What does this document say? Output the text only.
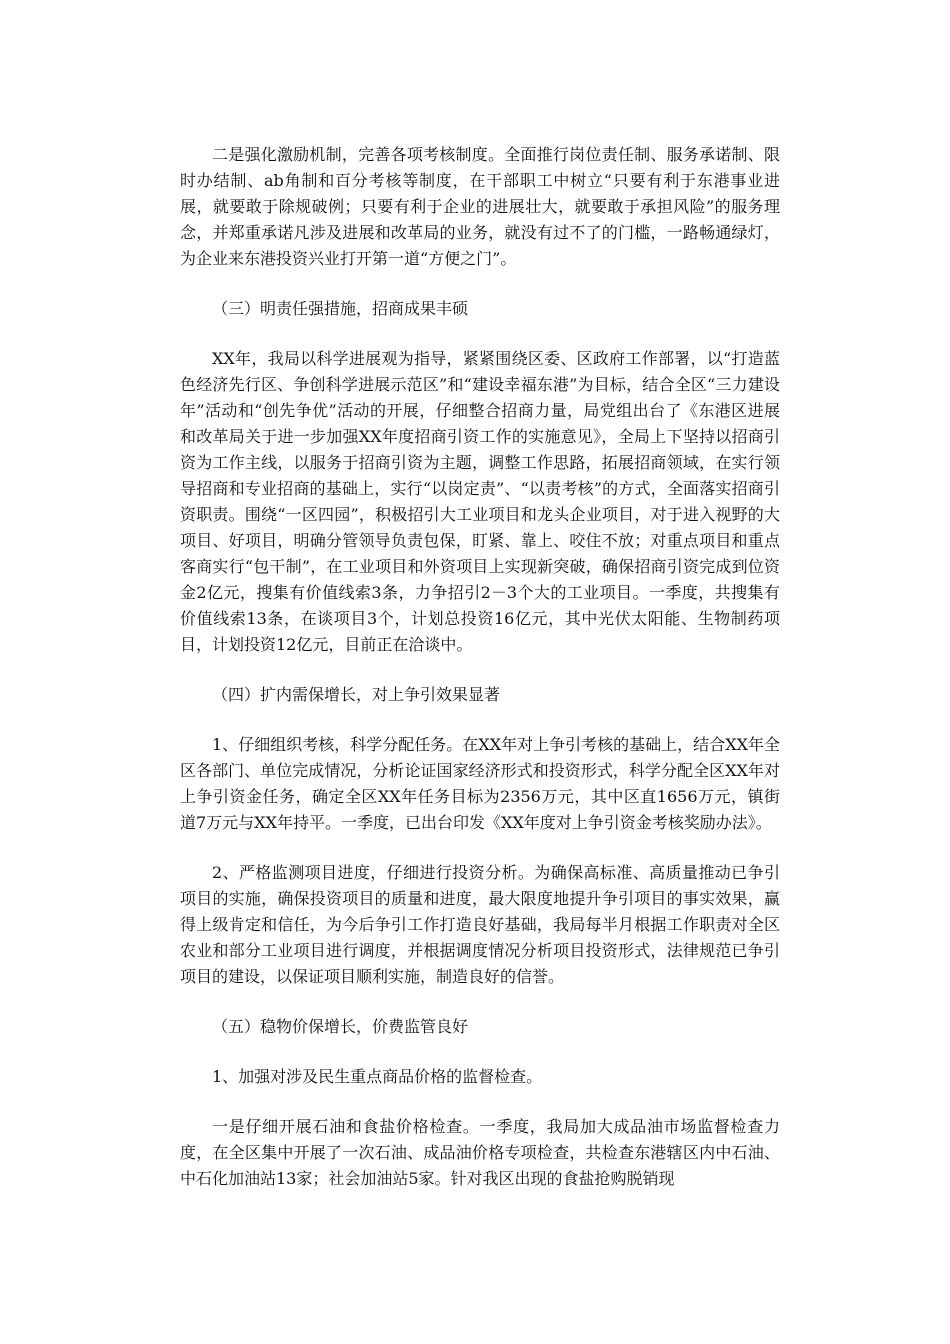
二是强化激励机制，完善各项考核制度。全面推行岗位责任制、服务承诺制、限时办结制、ab角制和百分考核等制度，在干部职工中树立“只要有利于东港事业进展，就要敢于除规破例；只要有利于企业的进展壮大，就要敢于承担风险”的服务理念，并郑重承诺凡涉及进展和改革局的业务，就没有过不了的门槛，一路畅通绿灯，为企业来东港投资兴业打开第一道“方便之门”。

（三）明责任强措施，招商成果丰硕

XX年，我局以科学进展观为指导，紧紧围绕区委、区政府工作部署，以“打造蓝色经济先行区、争创科学进展示范区”和“建设幸福东港”为目标，结合全区“三力建设年”活动和“创先争优”活动的开展，仔细整合招商力量，局党组出台了《东港区进展和改革局关于进一步加强XX年度招商引资工作的实施意见》，全局上下坚持以招商引资为工作主线，以服务于招商引资为主题，调整工作思路，拓展招商领域，在实行领导招商和专业招商的基础上，实行“以岗定责”、“以责考核”的方式，全面落实招商引资职责。围绕“一区四园”，积极招引大工业项目和龙头企业项目，对于进入视野的大项目、好项目，明确分管领导负责包保，盯紧、靠上、咬住不放；对重点项目和重点客商实行“包干制”，在工业项目和外资项目上实现新突破，确保招商引资完成到位资金2亿元，搜集有价值线索3条，力争招引2－3个大的工业项目。一季度，共搜集有价值线索13条，在谈项目3个，计划总投资16亿元，其中光伏太阳能、生物制药项目，计划投资12亿元，目前正在洽谈中。

（四）扩内需保增长，对上争引效果显著

1、仔细组织考核，科学分配任务。在XX年对上争引考核的基础上，结合XX年全区各部门、单位完成情况，分析论证国家经济形式和投资形式，科学分配全区XX年对上争引资金任务，确定全区XX年任务目标为2356万元，其中区直1656万元，镇街道7万元与XX年持平。一季度，已出台印发《XX年度对上争引资金考核奖励办法》。

2、严格监测项目进度，仔细进行投资分析。为确保高标准、高质量推动已争引项目的实施，确保投资项目的质量和进度，最大限度地提升争引项目的事实效果，赢得上级肯定和信任，为今后争引工作打造良好基础，我局每半月根据工作职责对全区农业和部分工业项目进行调度，并根据调度情况分析项目投资形式，法律规范已争引项目的建设，以保证项目顺利实施，制造良好的信誉。

（五）稳物价保增长，价费监管良好

1、加强对涉及民生重点商品价格的监督检查。

一是仔细开展石油和食盐价格检查。一季度，我局加大成品油市场监督检查力度，在全区集中开展了一次石油、成品油价格专项检查，共检查东港辖区内中石油、中石化加油站13家；社会加油站5家。针对我区出现的食盐抢购脱销现
